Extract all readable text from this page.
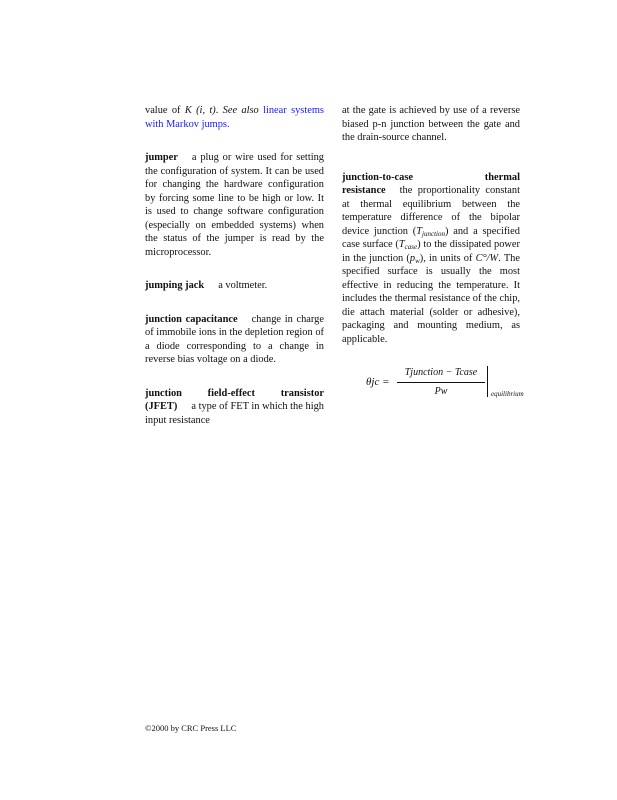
value of K (i, t). See also linear systems with Markov jumps.

jumper a plug or wire used for setting the configuration of system. It can be used for changing the hardware configuration by forcing some line to be high or low. It is used to change software configuration (especially on embedded systems) when the status of the jumper is read by the microprocessor.

jumping jack a voltmeter.

junction capacitance change in charge of immobile ions in the depletion region of a diode corresponding to a change in reverse bias voltage on a diode.

junction field-effect transistor (JFET) a type of FET in which the high input resistance

at the gate is achieved by use of a reverse biased p-n junction between the gate and the drain-source channel.

junction-to-case thermal resistance the proportionality constant at thermal equilibrium between the temperature difference of the bipolar device junction $(T_{junction})$ and a specified case surface $(T_{case})$ to the dissipated power in the junction $(p_w)$, in units of C°/W. The specified surface is usually the most effective in reducing the temperature. It includes the thermal resistance of the chip, die attach material (solder or adhesive), packaging and mounting medium, as applicable.

θjc =
Tjunction − Tcase
Pw	equilibrium
©2000 by CRC Press LLC
